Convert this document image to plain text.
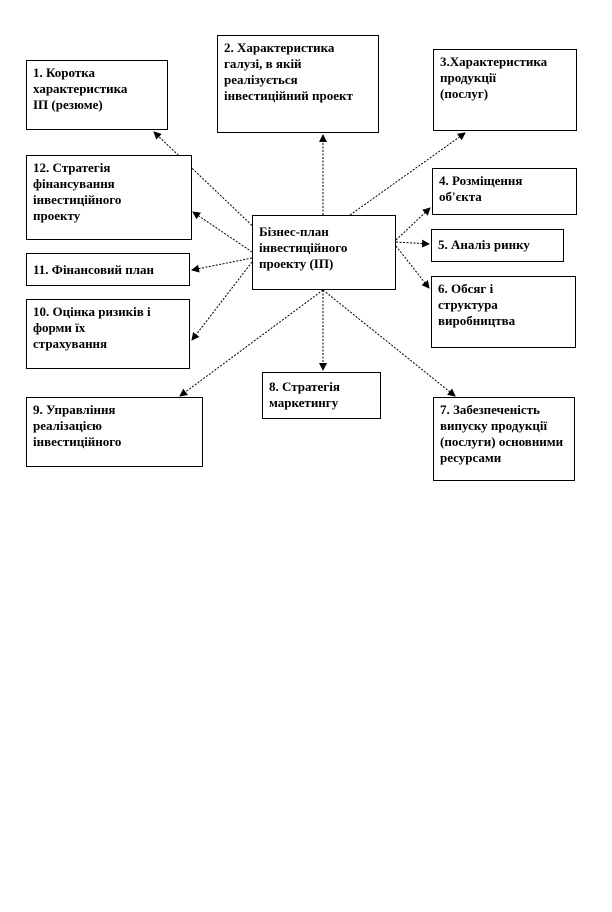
1. Коротка
характеристика
ІП (резюме)
2. Характеристика
галузі, в якій
реалізується
інвестиційний проект
3.Характеристика
продукції
(послуг)
4. Розміщення
об'єкта
5. Аналіз ринку
6. Обсяг і
структура
виробництва
7. Забезпеченість
випуску продукції
(послуги) основними
ресурсами
8. Стратегія
маркетингу
9. Управління
реалізацією
інвестиційного
10. Оцінка ризиків і
форми їх
страхування
11. Фінансовий план
12. Стратегія
фінансування
інвестиційного
проекту
Бізнес-план
інвестиційного
проекту (ІП)
